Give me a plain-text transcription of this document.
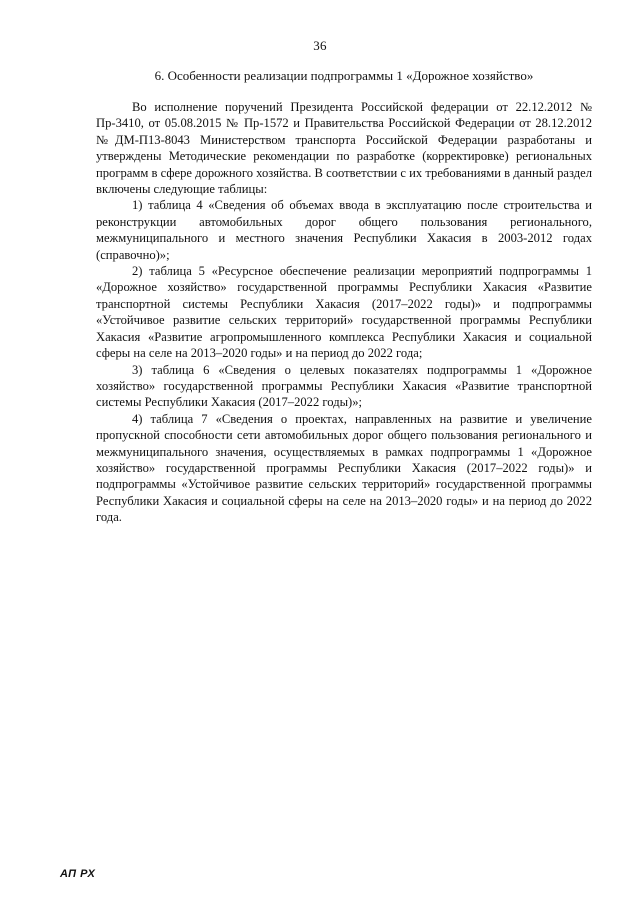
36
6. Особенности реализации подпрограммы 1 «Дорожное хозяйство»

Во исполнение поручений Президента Российской федерации от 22.12.2012 № Пр-3410, от 05.08.2015 № Пр-1572 и Правительства Российской Федерации от 28.12.2012 №ДМ-П13-8043 Министерством транспорта Российской Федерации разработаны и утверждены Методические рекомендации по разработке (корректировке) региональных программ в сфере дорожного хозяйства. В соответствии с их требованиями в данный раздел включены следующие таблицы:

1) таблица 4 «Сведения об объемах ввода в эксплуатацию после строительства и реконструкции автомобильных дорог общего пользования регионального, межмуниципального и местного значения Республики Хакасия в 2003-2012 годах (справочно)»;

2) таблица 5 «Ресурсное обеспечение реализации мероприятий подпрограммы 1 «Дорожное хозяйство» государственной программы Республики Хакасия «Развитие транспортной системы Республики Хакасия (2017–2022 годы)» и подпрограммы «Устойчивое развитие сельских территорий» государственной программы Республики Хакасия «Развитие агропромышленного комплекса Республики Хакасия и социальной сферы на селе на 2013–2020 годы» и на период до 2022 года;

3) таблица 6 «Сведения о целевых показателях подпрограммы 1 «Дорожное хозяйство» государственной программы Республики Хакасия «Развитие транспортной системы Республики Хакасия (2017–2022 годы)»;

4) таблица 7 «Сведения о проектах, направленных на развитие и увеличение пропускной способности сети автомобильных дорог общего пользования регионального и межмуниципального значения, осуществляемых в рамках подпрограммы 1 «Дорожное хозяйство» государственной программы Республики Хакасия (2017–2022 годы)» и подпрограммы «Устойчивое развитие сельских территорий» государственной программы Республики Хакасия и социальной сферы на селе на 2013–2020 годы» и на период до 2022 года.

АП РХ
